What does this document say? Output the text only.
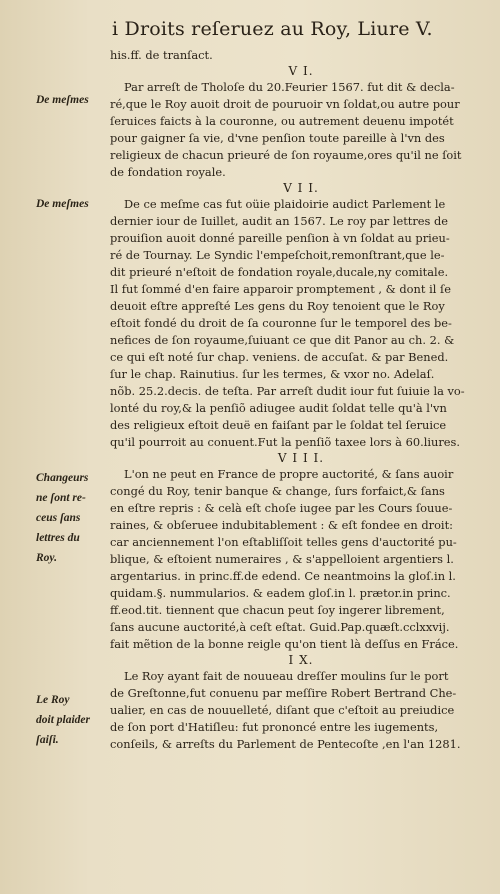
i Droits reſeruez au Roy, Liure V.
his.ff. de tranſact.
V I.
Par arreſt de Tholoſe du 20.Feurier 1567. fut dit & decla-
ré,que le Roy auoit droit de pouruoir vn ſoldat,ou autre pour
ſeruices faicts à la couronne, ou autrement deuenu impotét
pour gaigner ſa vie, d'vne penſion toute pareille à l'vn des
religieux de chacun prieuré de ſon royaume,ores qu'il ne ſoit
de fondation royale.
V I I.
De ce meſme cas fut oüie plaidoirie audict Parlement le
dernier iour de Iuillet, audit an 1567. Le roy par lettres de
prouiſion auoit donné pareille penſion à vn ſoldat au prieu-
ré de Tournay. Le Syndic l'empeſchoit,remonſtrant,que le-
dit prieuré n'eſtoit de fondation royale,ducale,ny comitale.
Il fut ſommé d'en faire apparoir promptement , & dont il ſe
deuoit eſtre appreſté Les gens du Roy tenoient que le Roy
eſtoit fondé du droit de ſa couronne ſur le temporel des be-
nefices de ſon royaume,ſuiuant ce que dit Panor au ch. 2. &
ce qui eſt noté ſur chap. veniens. de accuſat. & par Bened.
ſur le chap. Rainutius. ſur les termes, & vxor no. Adelaſ.
nõb. 25.2.decis. de teſta. Par arreſt dudit iour fut ſuiuie la vo-
lonté du roy,& la penſiõ adiugee audit ſoldat telle qu'à l'vn
des religieux eſtoit deuë en faiſant par le ſoldat tel ſeruice
qu'il pourroit au conuent.Fut la penſiõ taxee lors à 60.liures.
V I I I.
L'on ne peut en France de propre auctorité, & ſans auoir
congé du Roy, tenir banque & change, ſurs forfaict,& ſans
en eſtre repris : & celà eſt choſe iugee par les Cours ſouue-
raines, & obſeruee indubitablement : & eſt fondee en droit:
car anciennement l'on eſtabliſſoit telles gens d'auctorité pu-
blique, & eſtoient numeraires , & s'appelloient argentiers l.
argentarius. in princ.ff.de edend. Ce neantmoins la gloſ.in l.
quidam.§. nummularios. & eadem gloſ.in l. prætor.in princ.
ff.eod.tit. tiennent que chacun peut ſoy ingerer librement,
ſans aucune auctorité,à ceſt eſtat. Guid.Pap.quæſt.cclxxvij.
fait mẽtion de la bonne reigle qu'on tient là deſſus en Fráce.
I X.
Le Roy ayant fait de nouueau dreſſer moulins ſur le port
de Greſtonne,fut conuenu par meſſire Robert Bertrand Che-
ualier, en cas de nouuelleté, diſant que c'eſtoit au preiudice
de ſon port d'Hatiſleu: fut prononcé entre les iugements,
conſeils, & arreſts du Parlement de Pentecoſte ,en l'an 1281.
De meſmes
De meſmes
Changeurs
ne ſont re-
ceus ſans
lettres du
Roy.
Le Roy
doit plaider
ſaiſi.
